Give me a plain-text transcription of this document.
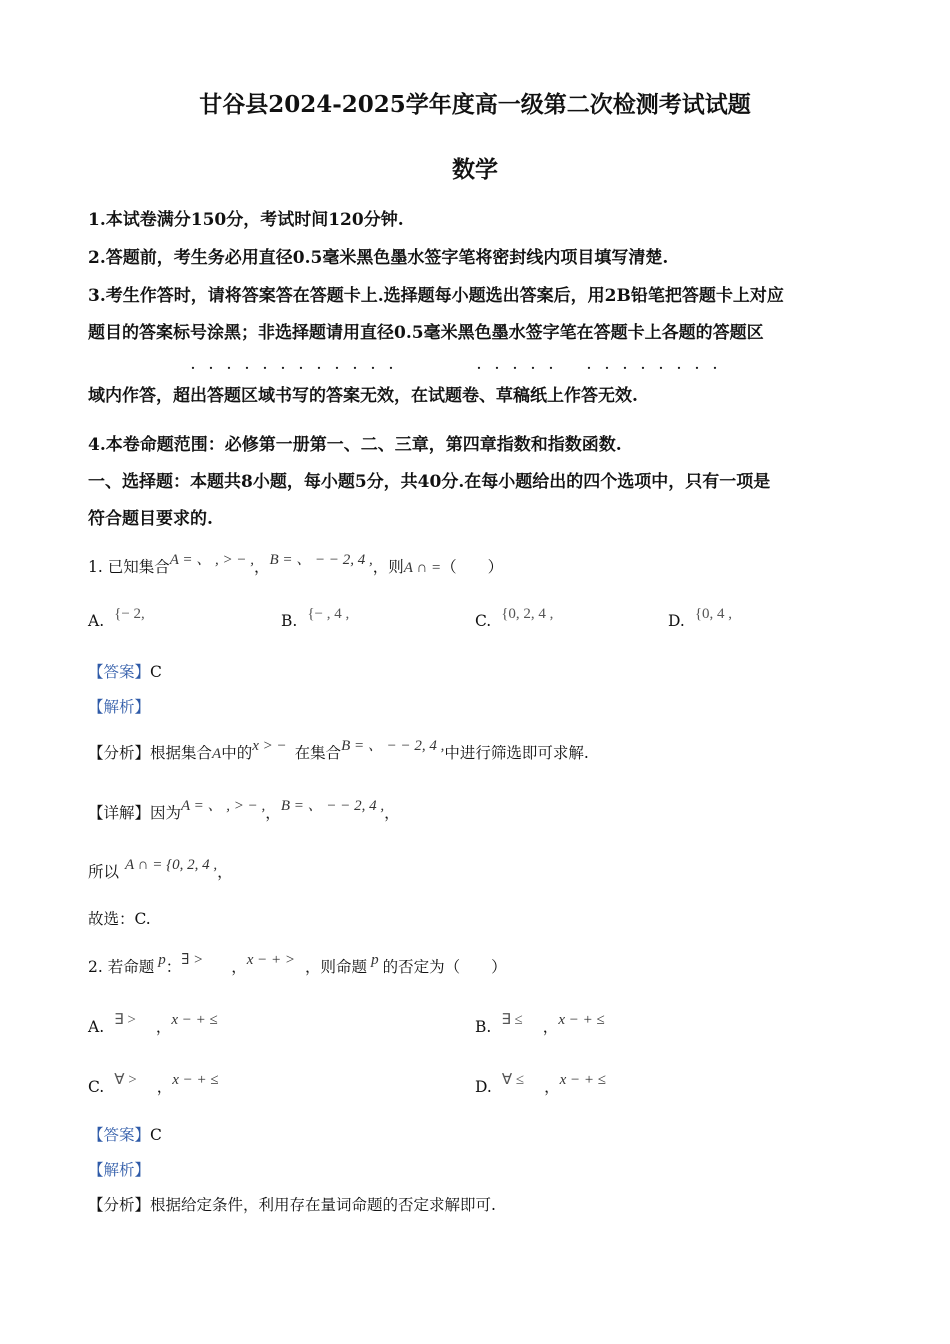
甘谷县2024-2025学年度高一级第二次检测考试试题
数学
1.本试卷满分150分，考试时间120分钟.
2.答题前，考生务必用直径0.5毫米黑色墨水签字笔将密封线内项目填写清楚.
3.考生作答时，请将答案答在答题卡上.选择题每小题选出答案后，用2B铅笔把答题卡上对应
题目的答案标号涂黑；非选择题请用直径0.5毫米黑色墨水签字笔在答题卡上各题的答题区
· · · · · · · · · · · ·	· · · · ·	· · · · · · · ·
域内作答，超出答题区域书写的答案无效，在试题卷、草稿纸上作答无效.
4.本卷命题范围：必修第一册第一、二、三章，第四章指数和指数函数.
一、选择题：本题共8小题，每小题5分，共40分.在每小题给出的四个选项中，只有一项是
符合题目要求的.
1. 已知集合A = 、 , > − ,，B = 、 − − 2, 4 ,，则A ∩ =（　　）
A. {− 2,	B. {− , 4 ,	C. {0, 2, 4 ,	D. {0, 4 ,
【答案】C
【解析】
【分析】根据集合A中的x > − 在集合B = 、 − − 2, 4 ,中进行筛选即可求解.
【详解】因为A = 、 , > − ,，B = 、 − − 2, 4 ,，
所以 A ∩ = {0, 2, 4 ,，
故选：C.
2. 若命题 p：∃ > ，x − + > ，则命题 p 的否定为（　　）
A. ∃ > ，x − + ≤	B. ∃ ≤ ，x − + ≤
C. ∀ > ，x − + ≤	D. ∀ ≤ ，x − + ≤
【答案】C
【解析】
【分析】根据给定条件，利用存在量词命题的否定求解即可.
